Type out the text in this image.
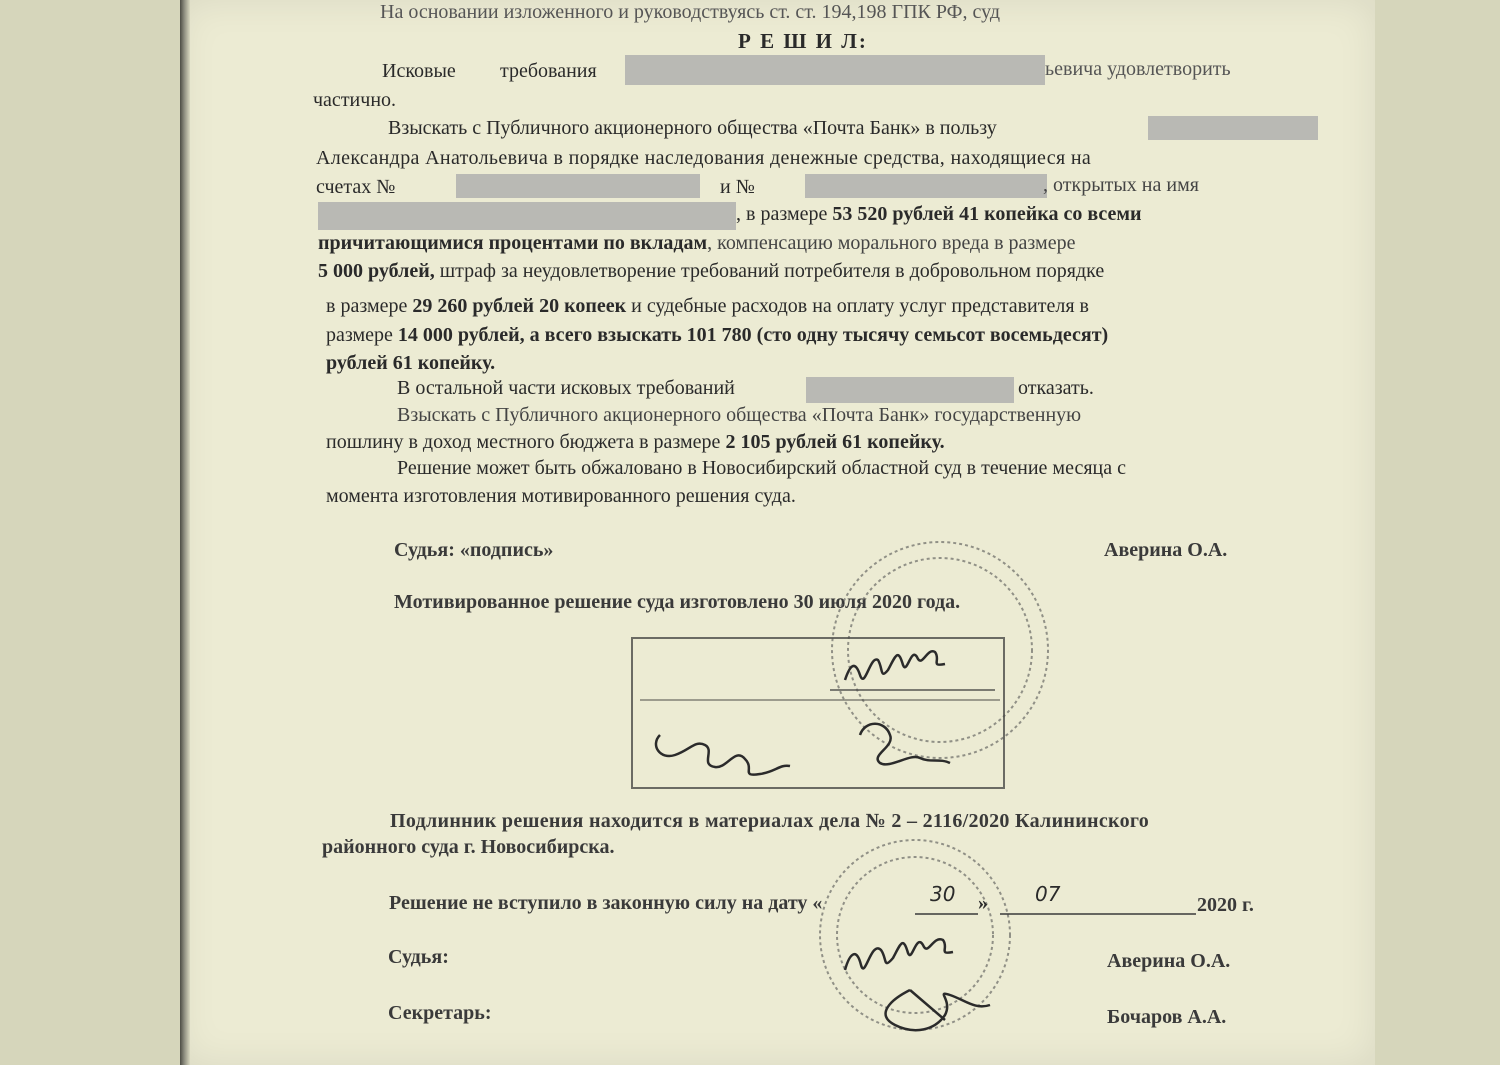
На основании изложенного и руководствуясь ст. ст. 194,198 ГПК РФ, суд
Р Е Ш И Л:
Исковые требования	ьевича удовлетворить
частично.
Взыскать с Публичного акционерного общества «Почта Банк» в пользу
Александра Анатольевича в порядке наследования денежные средства, находящиеся на
счетах №	и №	, открытых на имя
, в размере 53 520 рублей 41 копейка со всеми
причитающимися процентами по вкладам, компенсацию морального вреда в размере
5 000 рублей, штраф за неудовлетворение требований потребителя в добровольном порядке
в размере 29 260 рублей 20 копеек и судебные расходов на оплату услуг представителя в
размере 14 000 рублей, а всего взыскать 101 780 (сто одну тысячу семьсот восемьдесят)
рублей 61 копейку.
В остальной части исковых требований	отказать.
Взыскать с Публичного акционерного общества «Почта Банк» государственную
пошлину в доход местного бюджета в размере 2 105 рублей 61 копейку.
Решение может быть обжаловано в Новосибирский областной суд в течение месяца с
момента изготовления мотивированного решения суда.
Судья: «подпись»	Аверина О.А.
Мотивированное решение суда изготовлено 30 июля 2020 года.
Подлинник решения находится в материалах дела № 2 – 2116/2020 Калининского
районного суда г. Новосибирска.
Решение не вступило в законную силу на дату «	30 » 07	2020 г.
Судья:	Аверина О.А.
Секретарь:	Бочаров А.А.
